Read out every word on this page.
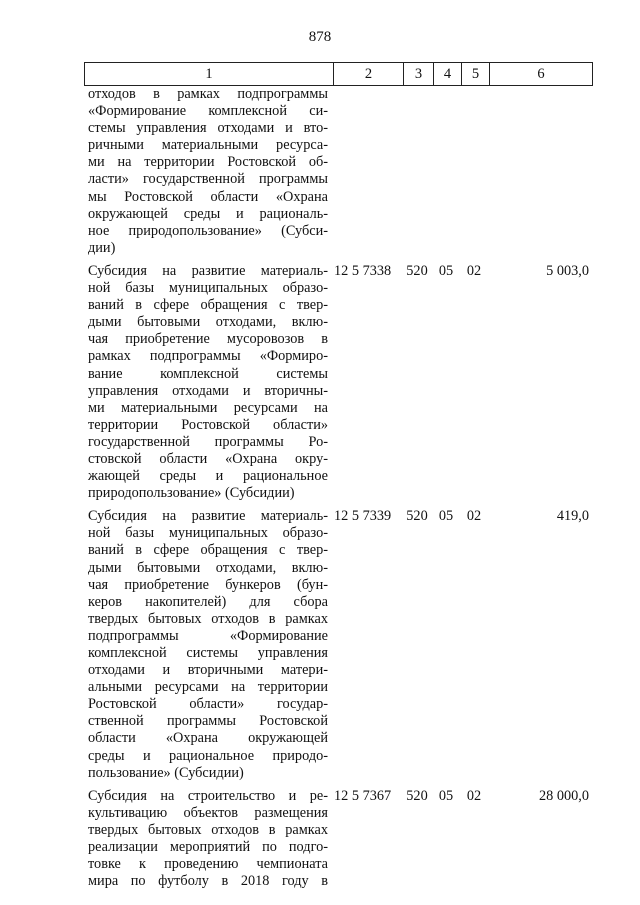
878
1	2	3	4	5	6
отходов в рамках подпрограммы
«Формирование комплексной си-
стемы управления отходами и вто-
ричными материальными ресурса-
ми на территории Ростовской об-
ласти» государственной программы
мы Ростовской области «Охрана
окружающей среды и рациональ-
ное природопользование» (Субси-
дии)
Субсидия на развитие материаль-
ной базы муниципальных образо-
ваний в сфере обращения с твер-
дыми бытовыми отходами, вклю-
чая приобретение мусоровозов в
рамках подпрограммы «Формиро-
вание комплексной системы
управления отходами и вторичны-
ми материальными ресурсами на
территории Ростовской области»
государственной программы Ро-
стовской области «Охрана окру-
жающей среды и рациональное
природопользование» (Субсидии)
12 5 7338	520 05 02	5 003,0
Субсидия на развитие материаль-
ной базы муниципальных образо-
ваний в сфере обращения с твер-
дыми бытовыми отходами, вклю-
чая приобретение бункеров (бун-
керов накопителей) для сбора
твердых бытовых отходов в рамках
подпрограммы «Формирование
комплексной системы управления
отходами и вторичными матери-
альными ресурсами на территории
Ростовской области» государ-
ственной программы Ростовской
области «Охрана окружающей
среды и рациональное природо-
пользование» (Субсидии)
12 5 7339	520 05 02	419,0
Субсидия на строительство и ре-
культивацию объектов размещения
твердых бытовых отходов в рамках
реализации мероприятий по подго-
товке к проведению чемпионата
мира по футболу в 2018 году в
12 5 7367	520 05 02	28 000,0
